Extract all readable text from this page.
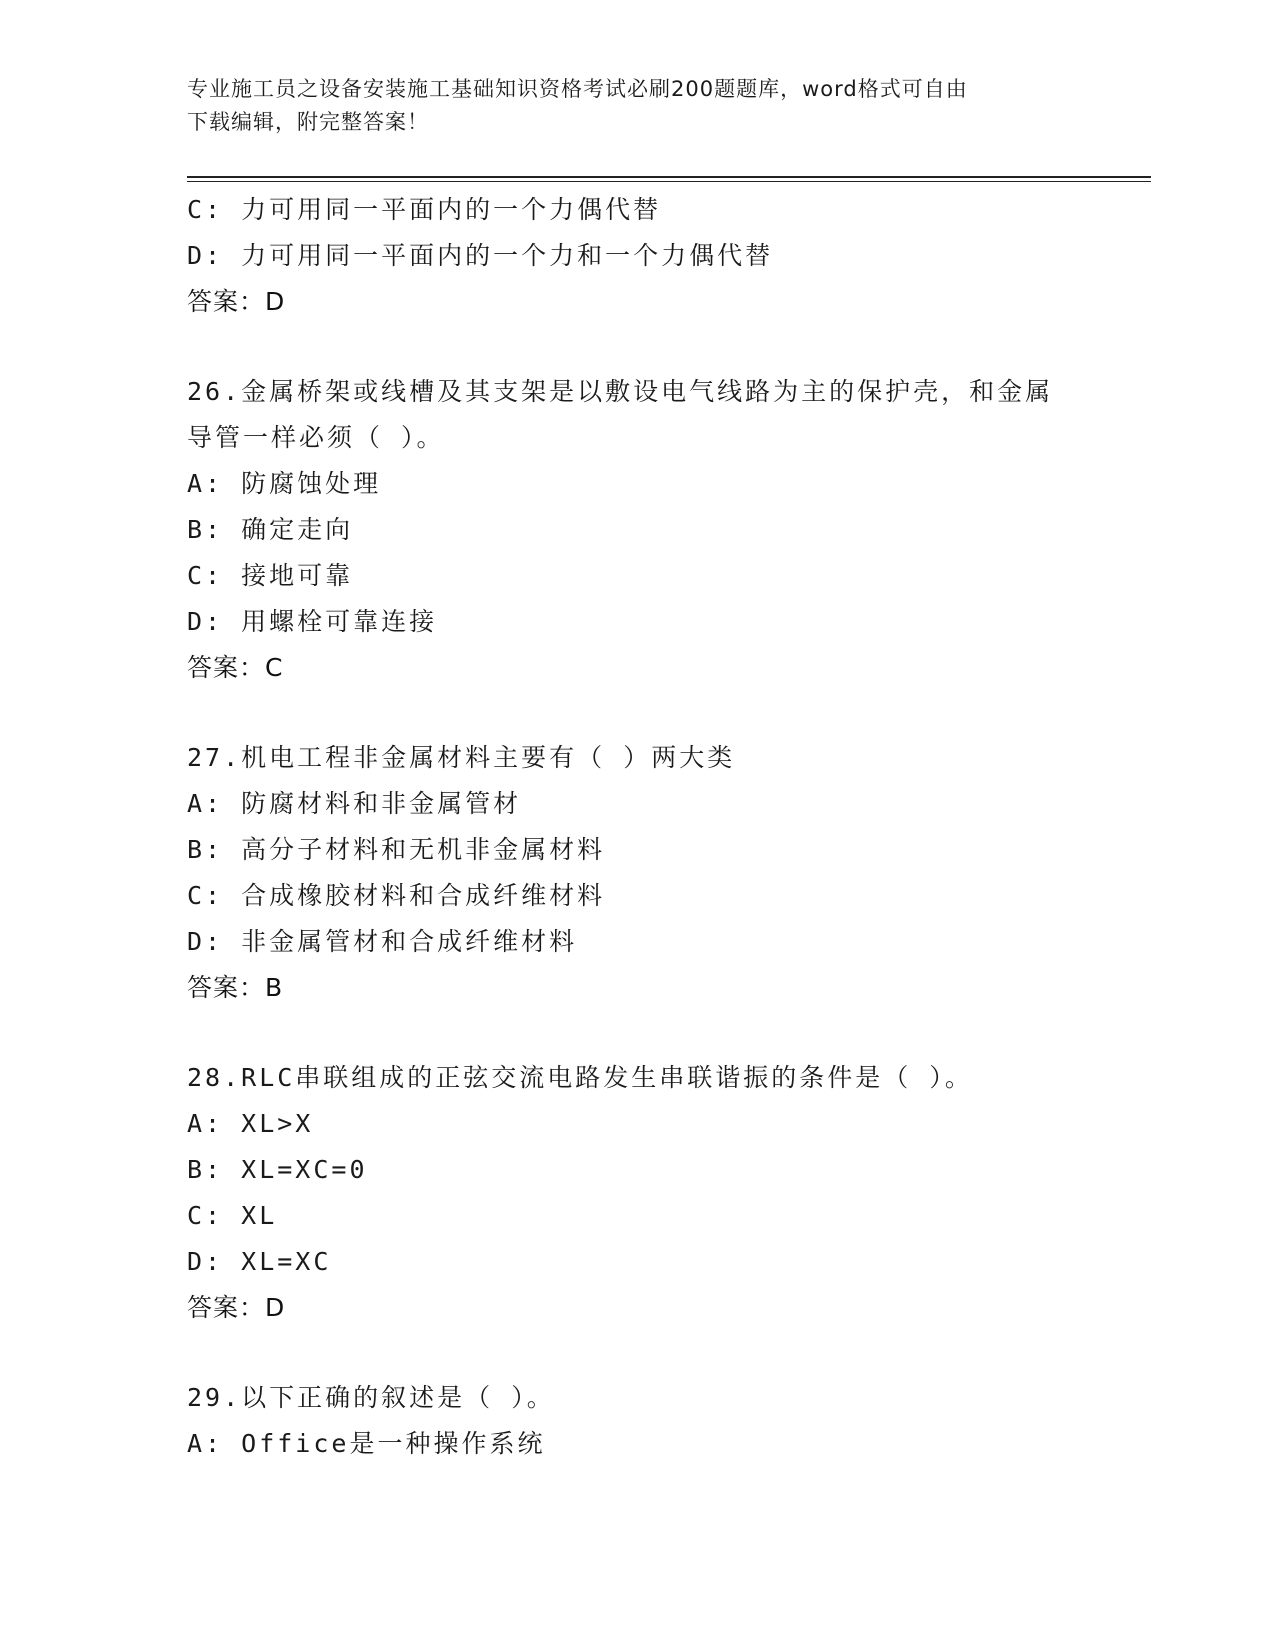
专业施工员之设备安装施工基础知识资格考试必刷200题题库，word格式可自由
下载编辑，附完整答案！
C: 力可用同一平面内的一个力偶代替
D: 力可用同一平面内的一个力和一个力偶代替
答案：D
26.金属桥架或线槽及其支架是以敷设电气线路为主的保护壳，和金属
导管一样必须（ ）。
A: 防腐蚀处理
B: 确定走向
C: 接地可靠
D: 用螺栓可靠连接
答案：C
27.机电工程非金属材料主要有（ ）两大类
A: 防腐材料和非金属管材
B: 高分子材料和无机非金属材料
C: 合成橡胶材料和合成纤维材料
D: 非金属管材和合成纤维材料
答案：B
28.RLC串联组成的正弦交流电路发生串联谐振的条件是（ ）。
A: XL>X
B: XL=XC=0
C: XL
D: XL=XC
答案：D
29.以下正确的叙述是（ ）。
A: Office是一种操作系统
